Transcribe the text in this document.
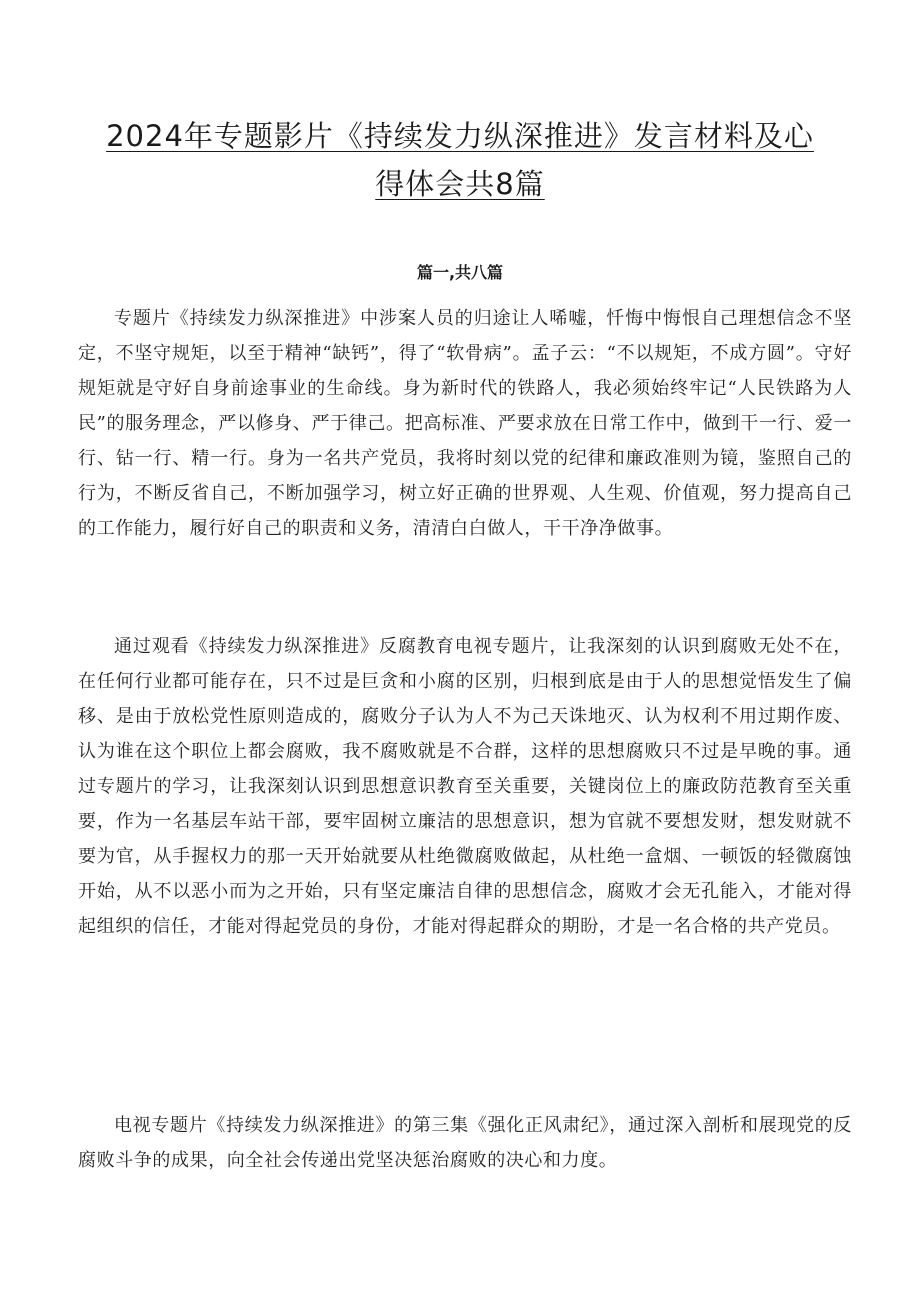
2024年专题影片《持续发力纵深推进》发言材料及心
得体会共8篇
篇一,共八篇

专题片《持续发力纵深推进》中涉案人员的归途让人唏嘘，忏悔中悔恨自己理想信念不坚定，不坚守规矩，以至于精神“缺钙”，得了“软骨病”。孟子云：“不以规矩，不成方圆”。守好规矩就是守好自身前途事业的生命线。身为新时代的铁路人，我必须始终牢记“人民铁路为人民”的服务理念，严以修身、严于律己。把高标准、严要求放在日常工作中，做到干一行、爱一行、钻一行、精一行。身为一名共产党员，我将时刻以党的纪律和廉政准则为镜，鉴照自己的行为，不断反省自己，不断加强学习，树立好正确的世界观、人生观、价值观，努力提高自己的工作能力，履行好自己的职责和义务，清清白白做人，干干净净做事。

通过观看《持续发力纵深推进》反腐教育电视专题片，让我深刻的认识到腐败无处不在，在任何行业都可能存在，只不过是巨贪和小腐的区别，归根到底是由于人的思想觉悟发生了偏移、是由于放松党性原则造成的，腐败分子认为人不为己天诛地灭、认为权利不用过期作废、认为谁在这个职位上都会腐败，我不腐败就是不合群，这样的思想腐败只不过是早晚的事。通过专题片的学习，让我深刻认识到思想意识教育至关重要，关键岗位上的廉政防范教育至关重要，作为一名基层车站干部，要牢固树立廉洁的思想意识，想为官就不要想发财，想发财就不要为官，从手握权力的那一天开始就要从杜绝微腐败做起，从杜绝一盒烟、一顿饭的轻微腐蚀开始，从不以恶小而为之开始，只有坚定廉洁自律的思想信念，腐败才会无孔能入，才能对得起组织的信任，才能对得起党员的身份，才能对得起群众的期盼，才是一名合格的共产党员。

电视专题片《持续发力纵深推进》的第三集《强化正风肃纪》，通过深入剖析和展现党的反腐败斗争的成果，向全社会传递出党坚决惩治腐败的决心和力度。
